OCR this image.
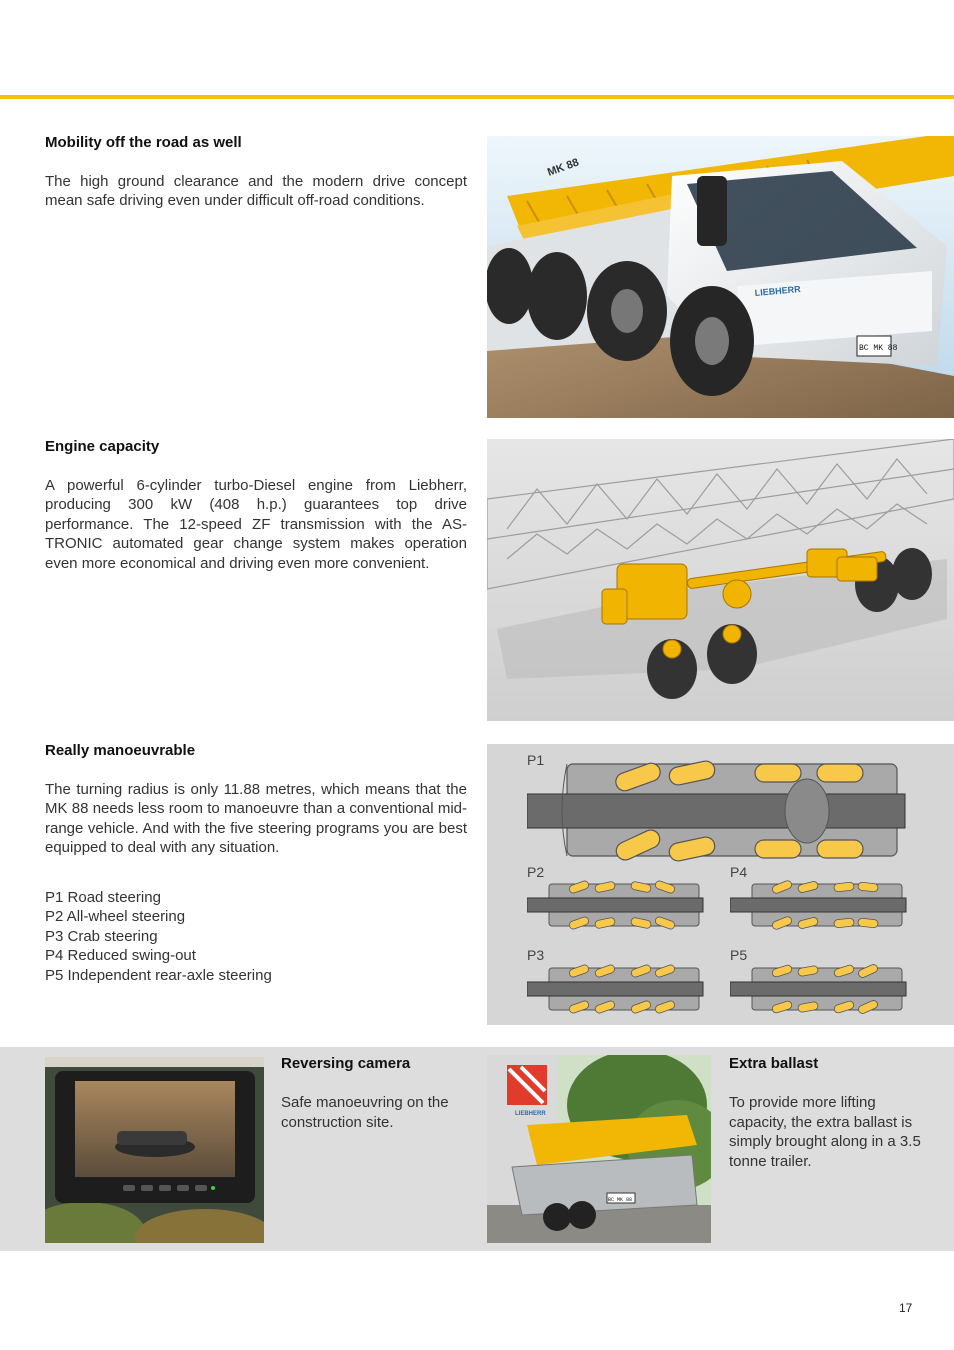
Mobility off the road as well
The high ground clearance and the modern drive concept mean safe driving even under difficult off-road conditions.
MK 88
LIEBHERR
BC MK 88
Engine capacity
A powerful 6-cylinder turbo-Diesel engine from Liebherr, producing 300 kW (408 h.p.) guarantees top drive performance. The 12-speed ZF transmission with the AS-TRONIC automated gear change system makes operation even more economical and driving even more convenient.
Really manoeuvrable
The turning radius is only 11.88 metres, which means that the MK 88 needs less room to manoeuvre than a conventional mid-range vehicle. And with the five steering programs you are best equipped to deal with any situation.
P1 Road steering
P2 All-wheel steering
P3 Crab steering
P4 Reduced swing-out
P5 Independent rear-axle steering
P1
P2	P4
P3	P5
Reversing camera
Safe manoeuvring on the construction site.	LIEBHERR
BC MK 88
Extra ballast
To provide more lifting capacity, the extra ballast is simply brought along in a 3.5 tonne trailer.
17
